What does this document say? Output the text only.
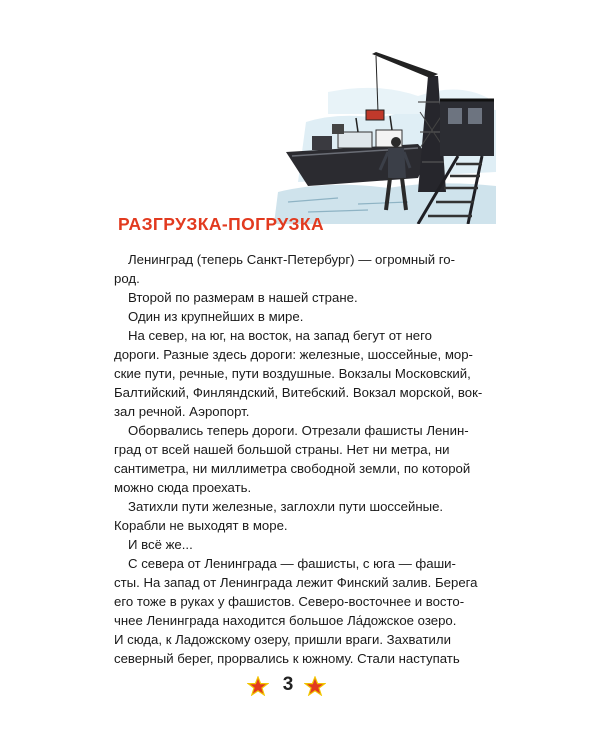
РАЗГРУЗКА-ПОГРУЗКА

Ленинград (теперь Санкт-Петербург) — огромный го-

род.

Второй по размерам в нашей стране.

Один из крупнейших в мире.

На север, на юг, на восток, на запад бегут от него

дороги. Разные здесь дороги: железные, шоссейные, мор-

ские пути, речные, пути воздушные. Вокзалы Московский,

Балтийский, Финляндский, Витебский. Вокзал морской, вок-

зал речной. Аэропорт.

Оборвались теперь дороги. Отрезали фашисты Ленин-

град от всей нашей большой страны. Нет ни метра, ни

сантиметра, ни миллиметра свободной земли, по которой

можно сюда проехать.

Затихли пути железные, заглохли пути шоссейные.

Корабли не выходят в море.

И всё же...

С севера от Ленинграда — фашисты, с юга — фаши-

сты. На запад от Ленинграда лежит Финский залив. Берега

его тоже в руках у фашистов. Северо-восточнее и восто-

чнее Ленинграда находится большое Ла́дожское озеро.

И сюда, к Ладожскому озеру, пришли враги. Захватили

северный берег, прорвались к южному. Стали наступать

3
